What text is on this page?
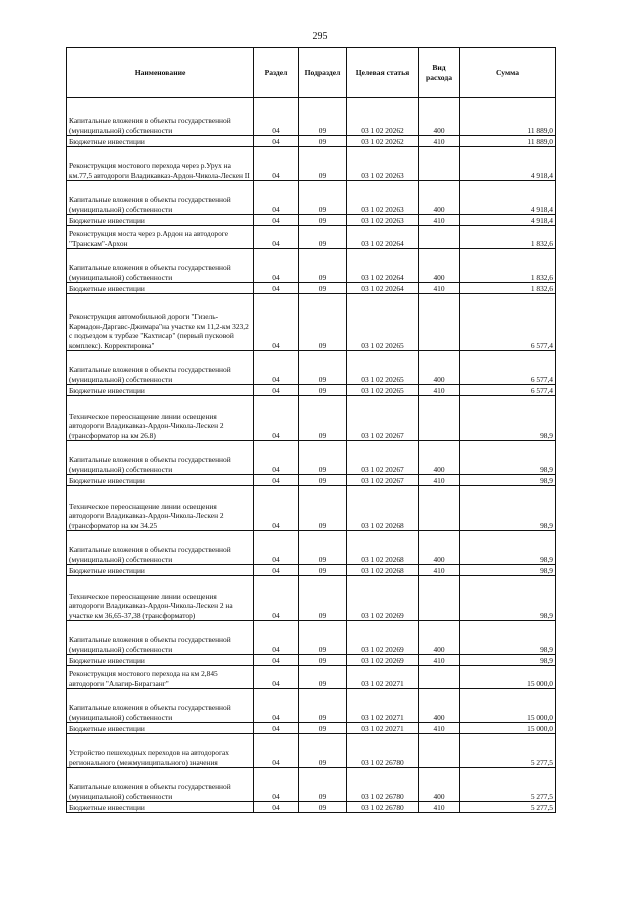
295
Наименование	Раздел	Подраздел	Целевая статья	Вид расхода	Сумма
Капитальные вложения в объекты государственной (муниципальной) собственности	04	09	03 1 02 20262	400	11 889,0
Бюджетные инвестиции	04	09	03 1 02 20262	410	11 889,0
Реконструкция мостового перехода через р.Урух на км.77,5 автодороги Владикавказ-Ардон-Чикола-Лескен II	04	09	03 1 02 20263		4 918,4
Капитальные вложения в объекты государственной (муниципальной) собственности	04	09	03 1 02 20263	400	4 918,4
Бюджетные инвестиции	04	09	03 1 02 20263	410	4 918,4
Реконструкция моста через р.Ардон на автодороге "Транскам"-Архон	04	09	03 1 02 20264		1 832,6
Капитальные вложения в объекты государственной (муниципальной) собственности	04	09	03 1 02 20264	400	1 832,6
Бюджетные инвестиции	04	09	03 1 02 20264	410	1 832,6
Реконструкция автомобильной дороги "Гизель-Кармадон-Даргавс-Джимара"на участке км 11,2-км 323,2 с подъездом к турбазе "Кахтисар" (первый пусковой комплекс). Корректировка"	04	09	03 1 02 20265		6 577,4
Капитальные вложения в объекты государственной (муниципальной) собственности	04	09	03 1 02 20265	400	6 577,4
Бюджетные инвестиции	04	09	03 1 02 20265	410	6 577,4
Техническое переоснащение линии освещения автодороги Владикавказ-Ардон-Чикола-Лескен 2 (трансформатор на км 26.8)	04	09	03 1 02 20267		98,9
Капитальные вложения в объекты государственной (муниципальной) собственности	04	09	03 1 02 20267	400	98,9
Бюджетные инвестиции	04	09	03 1 02 20267	410	98,9
Техническое переоснащение линии освещения автодороги Владикавказ-Ардон-Чикола-Лескен 2 (трансформатор на км 34.25	04	09	03 1 02 20268		98,9
Капитальные вложения в объекты государственной (муниципальной) собственности	04	09	03 1 02 20268	400	98,9
Бюджетные инвестиции	04	09	03 1 02 20268	410	98,9
Техническое переоснащение линии освещения автодороги Владикавказ-Ардон-Чикола-Лескен 2 на участке км 36,65-37,38 (трансформатор)	04	09	03 1 02 20269		98,9
Капитальные вложения в объекты государственной (муниципальной) собственности	04	09	03 1 02 20269	400	98,9
Бюджетные инвестиции	04	09	03 1 02 20269	410	98,9
Реконструкция мостового перехода на км 2,845 автодороги "Алагир-Бирагзанг"	04	09	03 1 02 20271		15 000,0
Капитальные вложения в объекты государственной (муниципальной) собственности	04	09	03 1 02 20271	400	15 000,0
Бюджетные инвестиции	04	09	03 1 02 20271	410	15 000,0
Устройство пешеходных переходов на автодорогах регионального (межмуниципального) значения	04	09	03 1 02 26780		5 277,5
Капитальные вложения в объекты государственной (муниципальной) собственности	04	09	03 1 02 26780	400	5 277,5
Бюджетные инвестиции	04	09	03 1 02 26780	410	5 277,5
